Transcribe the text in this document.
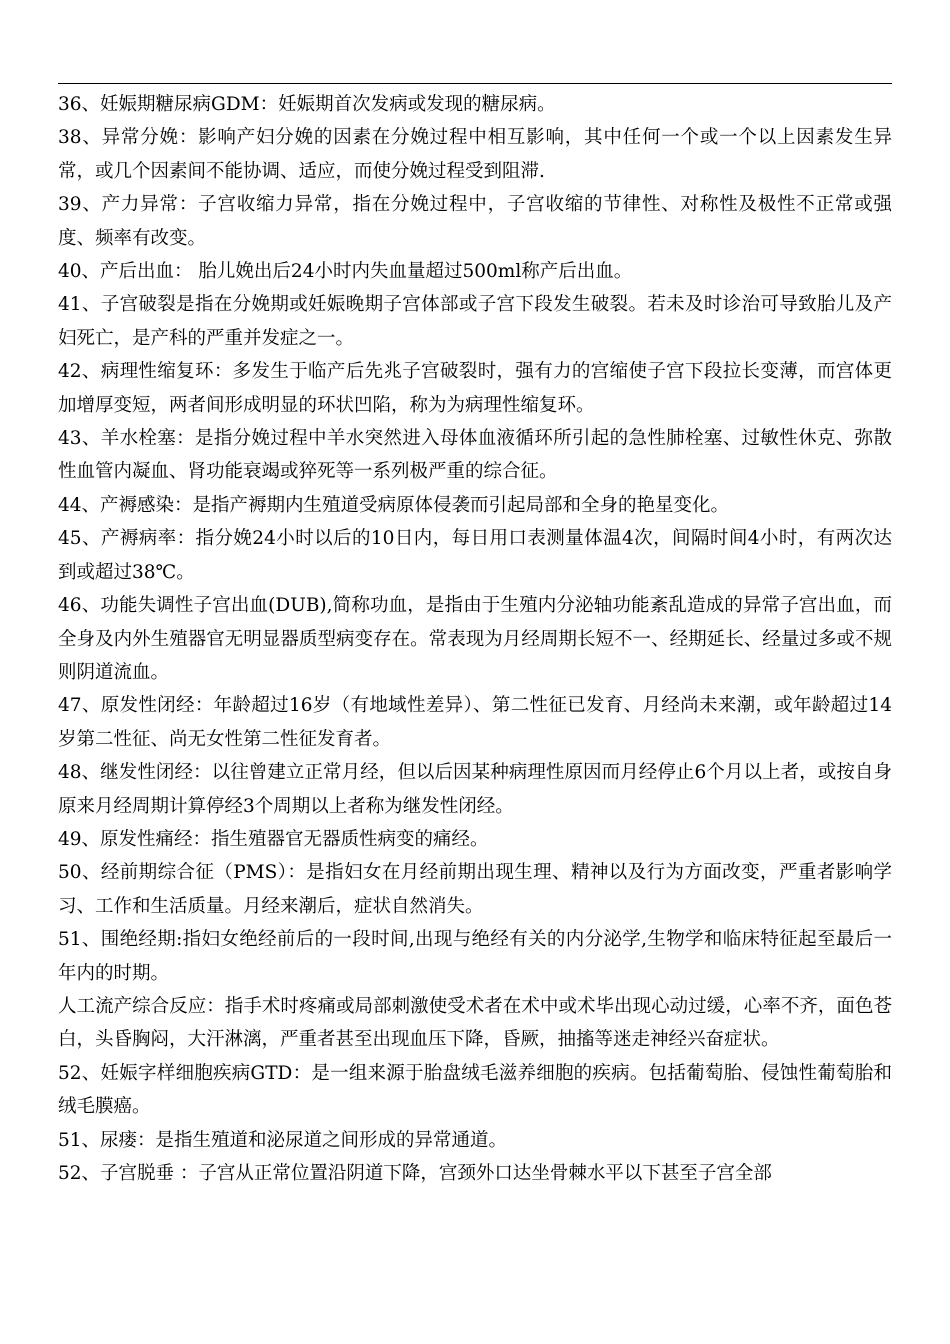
36、妊娠期糖尿病GDM：妊娠期首次发病或发现的糖尿病。

38、异常分娩：影响产妇分娩的因素在分娩过程中相互影响，其中任何一个或一个以上因素发生异常，或几个因素间不能协调、适应，而使分娩过程受到阻滞.

39、产力异常：子宫收缩力异常，指在分娩过程中，子宫收缩的节律性、对称性及极性不正常或强度、频率有改变。

40、产后出血： 胎儿娩出后24小时内失血量超过500ml称产后出血。

41、子宫破裂是指在分娩期或妊娠晚期子宫体部或子宫下段发生破裂。若未及时诊治可导致胎儿及产妇死亡，是产科的严重并发症之一。

42、病理性缩复环：多发生于临产后先兆子宫破裂时，强有力的宫缩使子宫下段拉长变薄，而宫体更加增厚变短，两者间形成明显的环状凹陷，称为为病理性缩复环。

43、羊水栓塞：是指分娩过程中羊水突然进入母体血液循环所引起的急性肺栓塞、过敏性休克、弥散性血管内凝血、肾功能衰竭或猝死等一系列极严重的综合征。

44、产褥感染：是指产褥期内生殖道受病原体侵袭而引起局部和全身的艳星变化。

45、产褥病率：指分娩24小时以后的10日内，每日用口表测量体温4次，间隔时间4小时，有两次达到或超过38℃。

46、功能失调性子宫出血(DUB),简称功血，是指由于生殖内分泌轴功能紊乱造成的异常子宫出血，而全身及内外生殖器官无明显器质型病变存在。常表现为月经周期长短不一、经期延长、经量过多或不规则阴道流血。

47、原发性闭经：年龄超过16岁（有地域性差异）、第二性征已发育、月经尚未来潮，或年龄超过14岁第二性征、尚无女性第二性征发育者。

48、继发性闭经：以往曾建立正常月经，但以后因某种病理性原因而月经停止6个月以上者，或按自身原来月经周期计算停经3个周期以上者称为继发性闭经。

49、原发性痛经：指生殖器官无器质性病变的痛经。

50、经前期综合征（PMS）：是指妇女在月经前期出现生理、精神以及行为方面改变，严重者影响学习、工作和生活质量。月经来潮后，症状自然消失。

51、围绝经期:指妇女绝经前后的一段时间,出现与绝经有关的内分泌学,生物学和临床特征起至最后一年内的时期。

人工流产综合反应：指手术时疼痛或局部刺激使受术者在术中或术毕出现心动过缓，心率不齐，面色苍白，头昏胸闷，大汗淋漓，严重者甚至出现血压下降，昏厥，抽搐等迷走神经兴奋症状。

52、妊娠字样细胞疾病GTD：是一组来源于胎盘绒毛滋养细胞的疾病。包括葡萄胎、侵蚀性葡萄胎和绒毛膜癌。

51、尿瘘：是指生殖道和泌尿道之间形成的异常通道。

52、子宫脱垂 ：子宫从正常位置沿阴道下降，宫颈外口达坐骨棘水平以下甚至子宫全部
